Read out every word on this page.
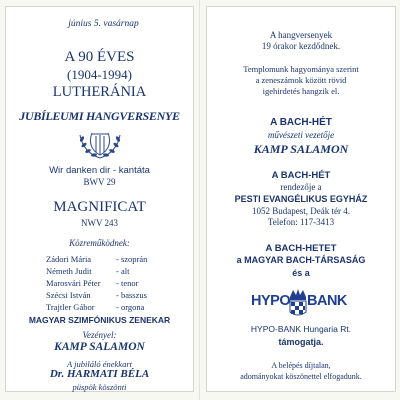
június 5. vasárnap
A 90 ÉVES
(1904-1994)
LUTHERÁNIA
JUBÍLEUMI HANGVERSENYE
Wir danken dir - kantáta
BWV 29
MAGNIFICAT
NWV 243
Közreműködnek:
Zádori Mária	- szoprán
Németh Judit	- alt
Marosvári Péter - tenor
Szécsi István	- basszus
Trajtler Gábor	- orgona
MAGYAR SZIMFÓNIKUS ZENEKAR
Vezényel:
KAMP SALAMON
A jubiláló énekkart
Dr. HARMATI BÉLA
püspök köszönti
A hangversenyek
19 órakor kezdődnek.
Templomunk hagyománya szerint
a zeneszámok között rövid
igehirdetés hangzik el.
A BACH-HÉT
művészeti vezetője
KAMP SALAMON
A BACH-HÉT
rendezője a
PESTI EVANGÉLIKUS EGYHÁZ
1052 Budapest, Deák tér 4.
Telefon: 117-3413
A BACH-HETET
a MAGYAR BACH-TÁRSASÁG
és a
HYPO BANK
HYPO-BANK Hungaria Rt.
támogatja.
A belépés díjtalan,
adományokat köszönettel elfogadunk.
